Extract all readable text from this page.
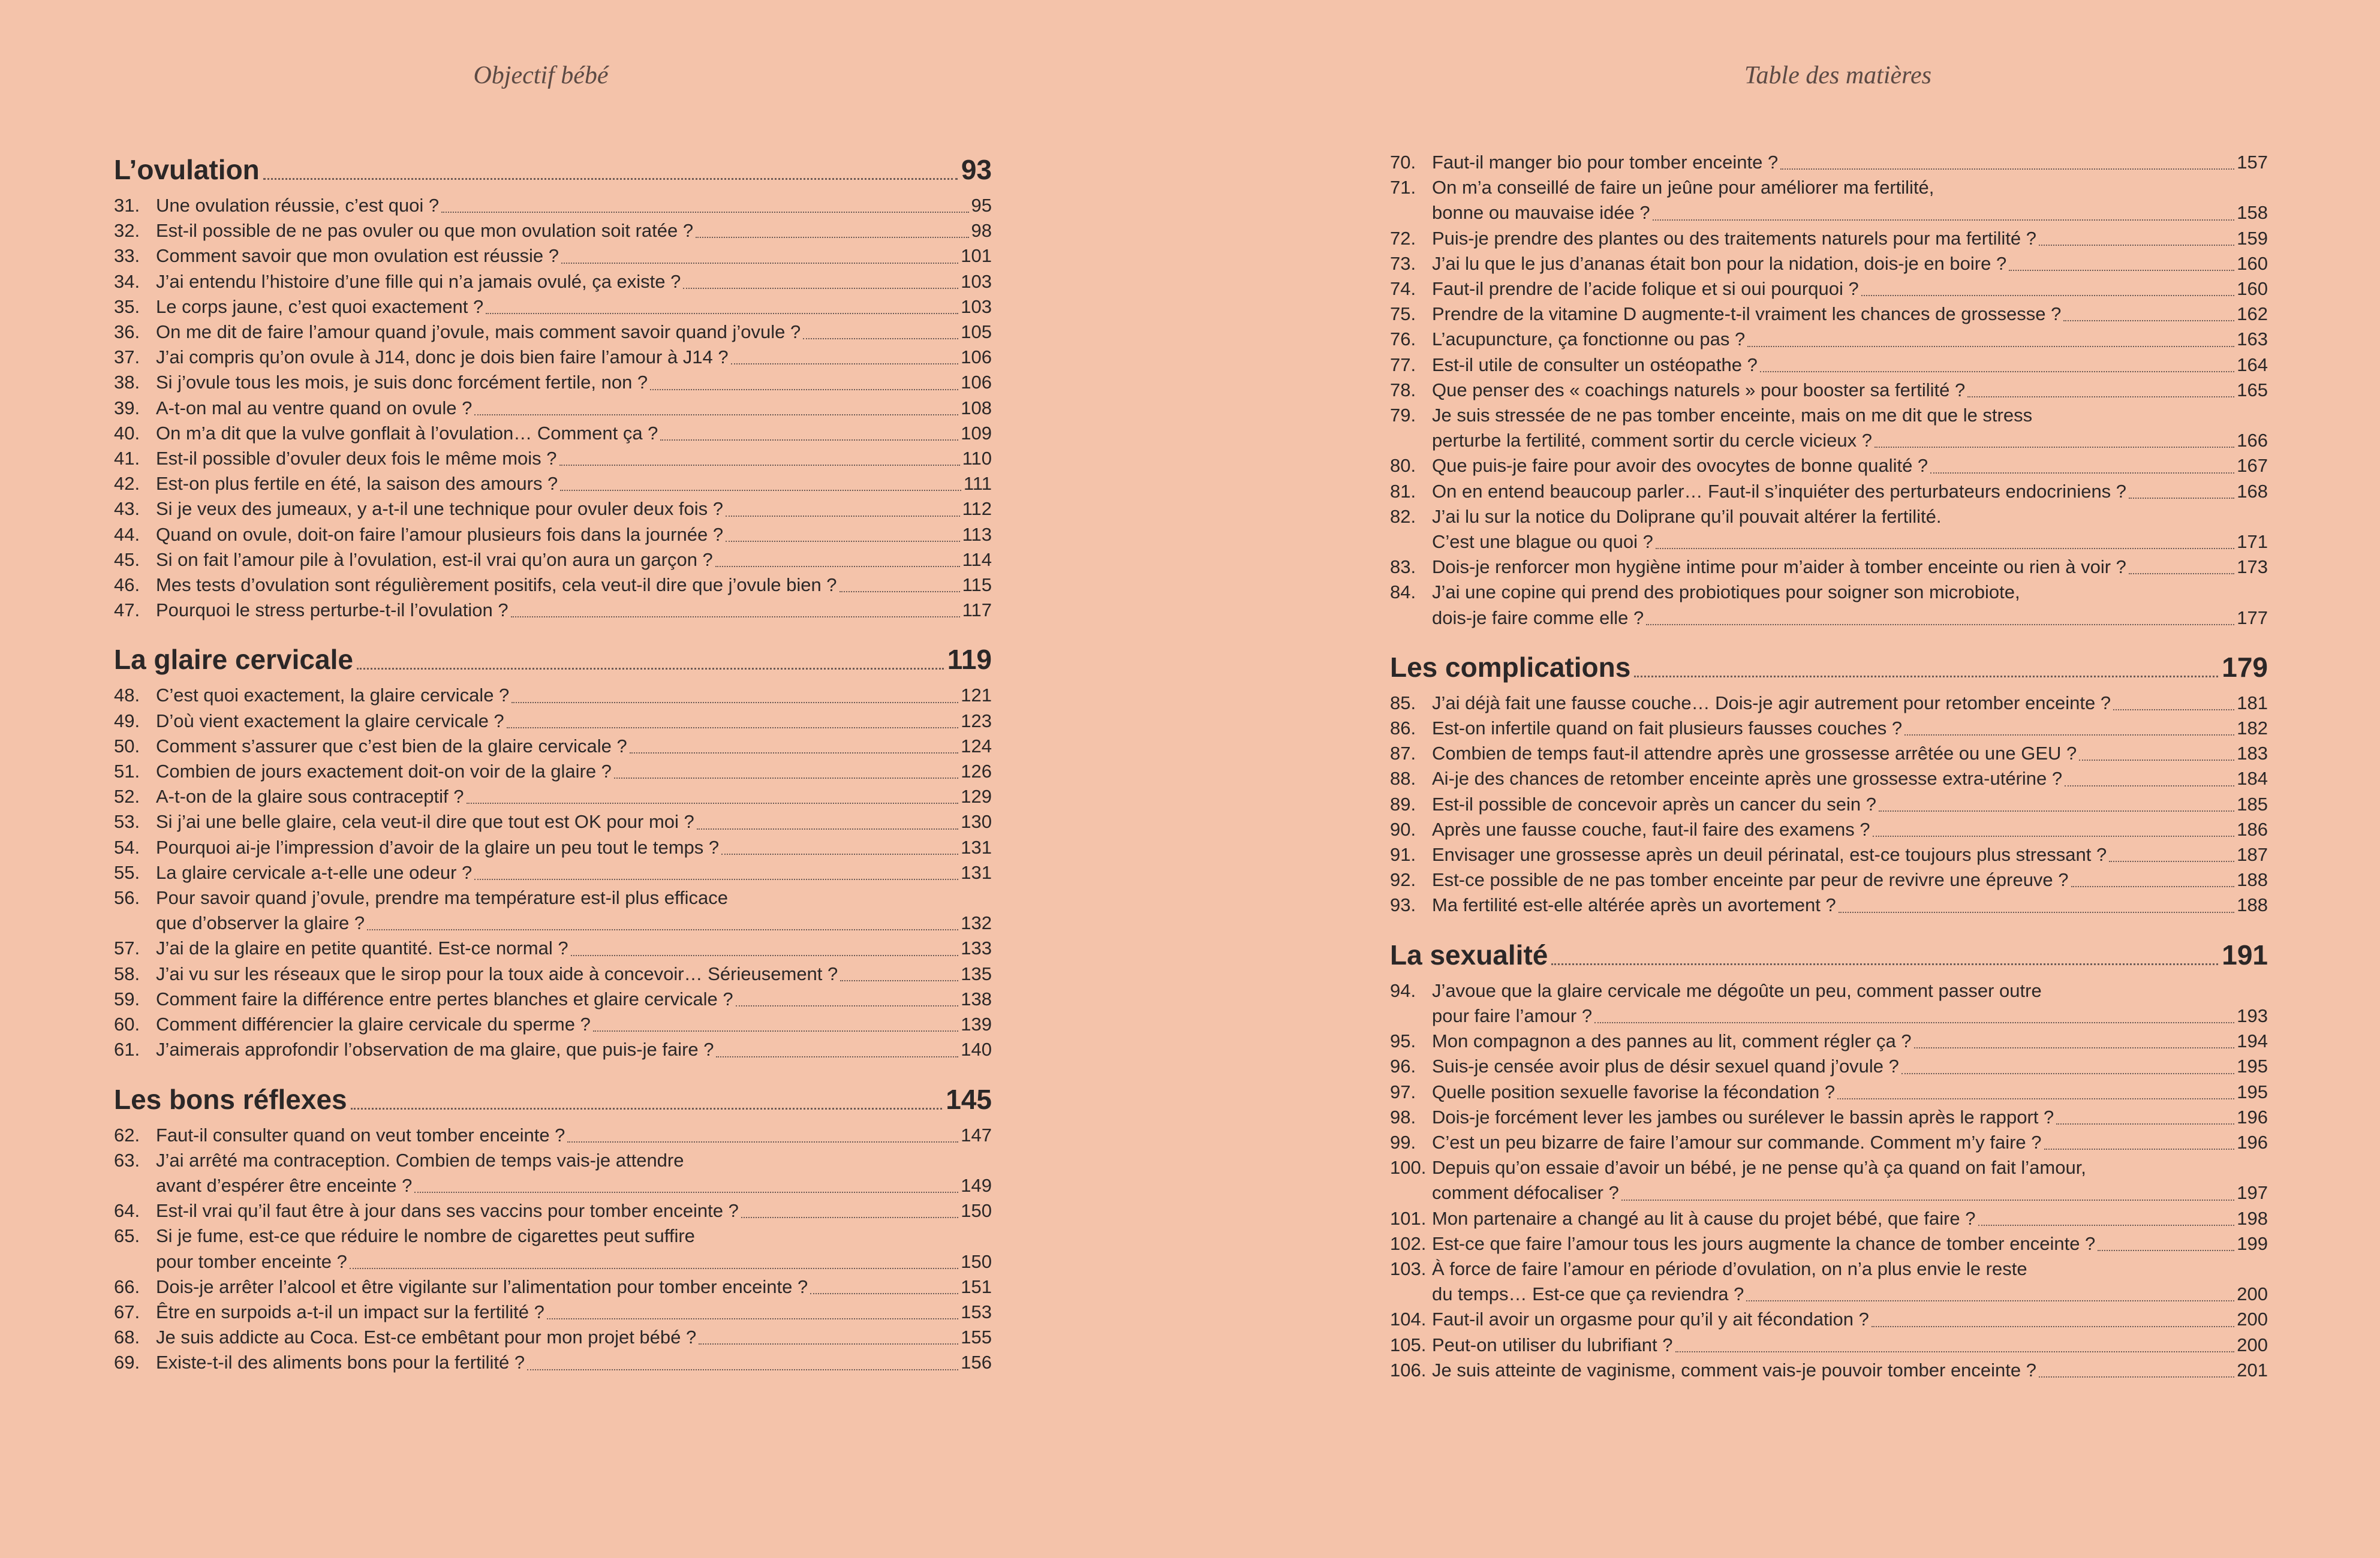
Objectif bébé
L’ovulation	93
31. Une ovulation réussie, c’est quoi ?	95
32. Est-il possible de ne pas ovuler ou que mon ovulation soit ratée ?	98
33. Comment savoir que mon ovulation est réussie ?	101
34. J’ai entendu l’histoire d’une fille qui n’a jamais ovulé, ça existe ?	103
35. Le corps jaune, c’est quoi exactement ?	103
36. On me dit de faire l’amour quand j’ovule, mais comment savoir quand j’ovule ?	105
37. J’ai compris qu’on ovule à J14, donc je dois bien faire l’amour à J14 ?	106
38. Si j’ovule tous les mois, je suis donc forcément fertile, non ?	106
39. A-t-on mal au ventre quand on ovule ?	108
40. On m’a dit que la vulve gonflait à l’ovulation… Comment ça ?	109
41. Est-il possible d’ovuler deux fois le même mois ?	110
42. Est-on plus fertile en été, la saison des amours ?	111
43. Si je veux des jumeaux, y a-t-il une technique pour ovuler deux fois ?	112
44. Quand on ovule, doit-on faire l’amour plusieurs fois dans la journée ?	113
45. Si on fait l’amour pile à l’ovulation, est-il vrai qu’on aura un garçon ?	114
46. Mes tests d’ovulation sont régulièrement positifs, cela veut-il dire que j’ovule bien ?	115
47. Pourquoi le stress perturbe-t-il l’ovulation ?	117
La glaire cervicale	119
48. C’est quoi exactement, la glaire cervicale ?	121
49. D’où vient exactement la glaire cervicale ?	123
50. Comment s’assurer que c’est bien de la glaire cervicale ?	124
51. Combien de jours exactement doit-on voir de la glaire ?	126
52. A-t-on de la glaire sous contraceptif ?	129
53. Si j’ai une belle glaire, cela veut-il dire que tout est OK pour moi ?	130
54. Pourquoi ai-je l’impression d’avoir de la glaire un peu tout le temps ?	131
55. La glaire cervicale a-t-elle une odeur ?	131
56. Pour savoir quand j’ovule, prendre ma température est-il plus efficace
que d’observer la glaire ?	132
57. J’ai de la glaire en petite quantité. Est-ce normal ?	133
58. J’ai vu sur les réseaux que le sirop pour la toux aide à concevoir… Sérieusement ?	135
59. Comment faire la différence entre pertes blanches et glaire cervicale ?	138
60. Comment différencier la glaire cervicale du sperme ?	139
61. J’aimerais approfondir l’observation de ma glaire, que puis-je faire ?	140
Les bons réflexes	145
62. Faut-il consulter quand on veut tomber enceinte ?	147
63. J’ai arrêté ma contraception. Combien de temps vais-je attendre
avant d’espérer être enceinte ?	149
64. Est-il vrai qu’il faut être à jour dans ses vaccins pour tomber enceinte ?	150
65. Si je fume, est-ce que réduire le nombre de cigarettes peut suffire
pour tomber enceinte ?	150
66. Dois-je arrêter l’alcool et être vigilante sur l’alimentation pour tomber enceinte ?	151
67. Être en surpoids a-t-il un impact sur la fertilité ?	153
68. Je suis addicte au Coca. Est-ce embêtant pour mon projet bébé ?	155
69. Existe-t-il des aliments bons pour la fertilité ?	156
Table des matières
70. Faut-il manger bio pour tomber enceinte ?	157
71. On m’a conseillé de faire un jeûne pour améliorer ma fertilité,
bonne ou mauvaise idée ?	158
72. Puis-je prendre des plantes ou des traitements naturels pour ma fertilité ?	159
73. J’ai lu que le jus d’ananas était bon pour la nidation, dois-je en boire ?	160
74. Faut-il prendre de l’acide folique et si oui pourquoi ?	160
75. Prendre de la vitamine D augmente-t-il vraiment les chances de grossesse ?	162
76. L’acupuncture, ça fonctionne ou pas ?	163
77. Est-il utile de consulter un ostéopathe ?	164
78. Que penser des « coachings naturels » pour booster sa fertilité ?	165
79. Je suis stressée de ne pas tomber enceinte, mais on me dit que le stress
perturbe la fertilité, comment sortir du cercle vicieux ?	166
80. Que puis-je faire pour avoir des ovocytes de bonne qualité ?	167
81. On en entend beaucoup parler… Faut-il s’inquiéter des perturbateurs endocriniens ?	168
82. J’ai lu sur la notice du Doliprane qu’il pouvait altérer la fertilité.
C’est une blague ou quoi ?	171
83. Dois-je renforcer mon hygiène intime pour m’aider à tomber enceinte ou rien à voir ?	173
84. J’ai une copine qui prend des probiotiques pour soigner son microbiote,
dois-je faire comme elle ?	177
Les complications	179
85. J’ai déjà fait une fausse couche… Dois-je agir autrement pour retomber enceinte ?	181
86. Est-on infertile quand on fait plusieurs fausses couches ?	182
87. Combien de temps faut-il attendre après une grossesse arrêtée ou une GEU ?	183
88. Ai-je des chances de retomber enceinte après une grossesse extra-utérine ?	184
89. Est-il possible de concevoir après un cancer du sein ?	185
90. Après une fausse couche, faut-il faire des examens ?	186
91. Envisager une grossesse après un deuil périnatal, est-ce toujours plus stressant ?	187
92. Est-ce possible de ne pas tomber enceinte par peur de revivre une épreuve ?	188
93. Ma fertilité est-elle altérée après un avortement ?	188
La sexualité	191
94. J’avoue que la glaire cervicale me dégoûte un peu, comment passer outre
pour faire l’amour ?	193
95. Mon compagnon a des pannes au lit, comment régler ça ?	194
96. Suis-je censée avoir plus de désir sexuel quand j’ovule ?	195
97. Quelle position sexuelle favorise la fécondation ?	195
98. Dois-je forcément lever les jambes ou surélever le bassin après le rapport ?	196
99. C’est un peu bizarre de faire l’amour sur commande. Comment m’y faire ?	196
100. Depuis qu’on essaie d’avoir un bébé, je ne pense qu’à ça quand on fait l’amour,
comment défocaliser ?	197
101. Mon partenaire a changé au lit à cause du projet bébé, que faire ?	198
102. Est-ce que faire l’amour tous les jours augmente la chance de tomber enceinte ?	199
103. À force de faire l’amour en période d’ovulation, on n’a plus envie le reste
du temps… Est-ce que ça reviendra ?	200
104. Faut-il avoir un orgasme pour qu’il y ait fécondation ?	200
105. Peut-on utiliser du lubrifiant ?	200
106. Je suis atteinte de vaginisme, comment vais-je pouvoir tomber enceinte ?	201
